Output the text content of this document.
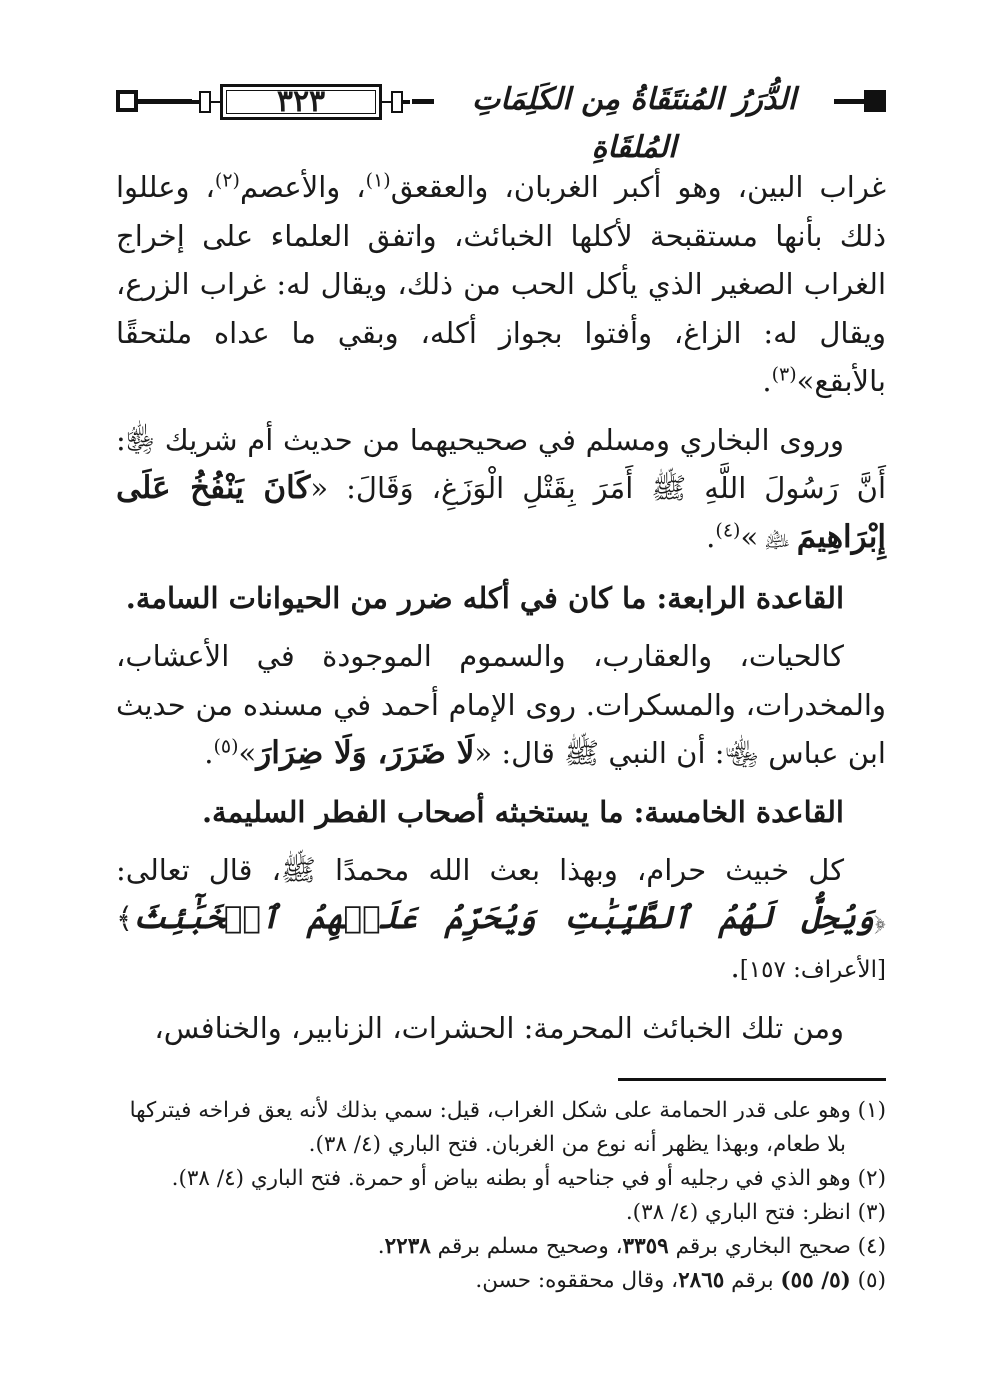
٣٢٣	الدُّرَرُ المُنتَقَاةُ مِن الكَلِمَاتِ المُلقَاةِ

غراب البين، وهو أكبر الغربان، والعقعق$^{(١)}$، والأعصم$^{(٢)}$، وعللوا ذلك بأنها مستقبحة لأكلها الخبائث، واتفق العلماء على إخراج الغراب الصغير الذي يأكل الحب من ذلك، ويقال له: غراب الزرع، ويقال له: الزاغ، وأفتوا بجواز أكله، وبقي ما عداه ملتحقًا بالأبقع»$^{(٣)}$.

وروى البخاري ومسلم في صحيحيهما من حديث أم شريك ﵂: أَنَّ رَسُولَ اللَّهِ ﷺ أَمَرَ بِقَتْلِ الْوَزَغِ، وَقَالَ: «كَانَ يَنْفُخُ عَلَى إِبْرَاهِيمَ ﵇ »$^{(٤)}$.

القاعدة الرابعة: ما كان في أكله ضرر من الحيوانات السامة.

كالحيات، والعقارب، والسموم الموجودة في الأعشاب، والمخدرات، والمسكرات. روى الإمام أحمد في مسنده من حديث ابن عباس ﵄: أن النبي ﷺ قال: «لَا ضَرَرَ، وَلَا ضِرَارَ»$^{(٥)}$.

القاعدة الخامسة: ما يستخبثه أصحاب الفطر السليمة.

كل خبيث حرام، وبهذا بعث الله محمدًا ﷺ، قال تعالى: ﴿وَيُحِلُّ لَهُمُ ٱلطَّيِّبَٰتِ وَيُحَرِّمُ عَلَيۡهِمُ ٱلۡخَبَٰٓئِثَ﴾ [الأعراف: ١٥٧].

ومن تلك الخبائث المحرمة: الحشرات، الزنابير، والخنافس،

(١) وهو على قدر الحمامة على شكل الغراب، قيل: سمي بذلك لأنه يعق فراخه فيتركها
بلا طعام، وبهذا يظهر أنه نوع من الغربان. فتح الباري (٤/ ٣٨).

(٢) وهو الذي في رجليه أو في جناحيه أو بطنه بياض أو حمرة. فتح الباري (٤/ ٣٨).

(٣) انظر: فتح الباري (٤/ ٣٨).

(٤) صحيح البخاري برقم ٣٣٥٩، وصحيح مسلم برقم ٢٢٣٨.

(٥) (٥/ ٥٥) برقم ٢٨٦٥، وقال محققوه: حسن.
